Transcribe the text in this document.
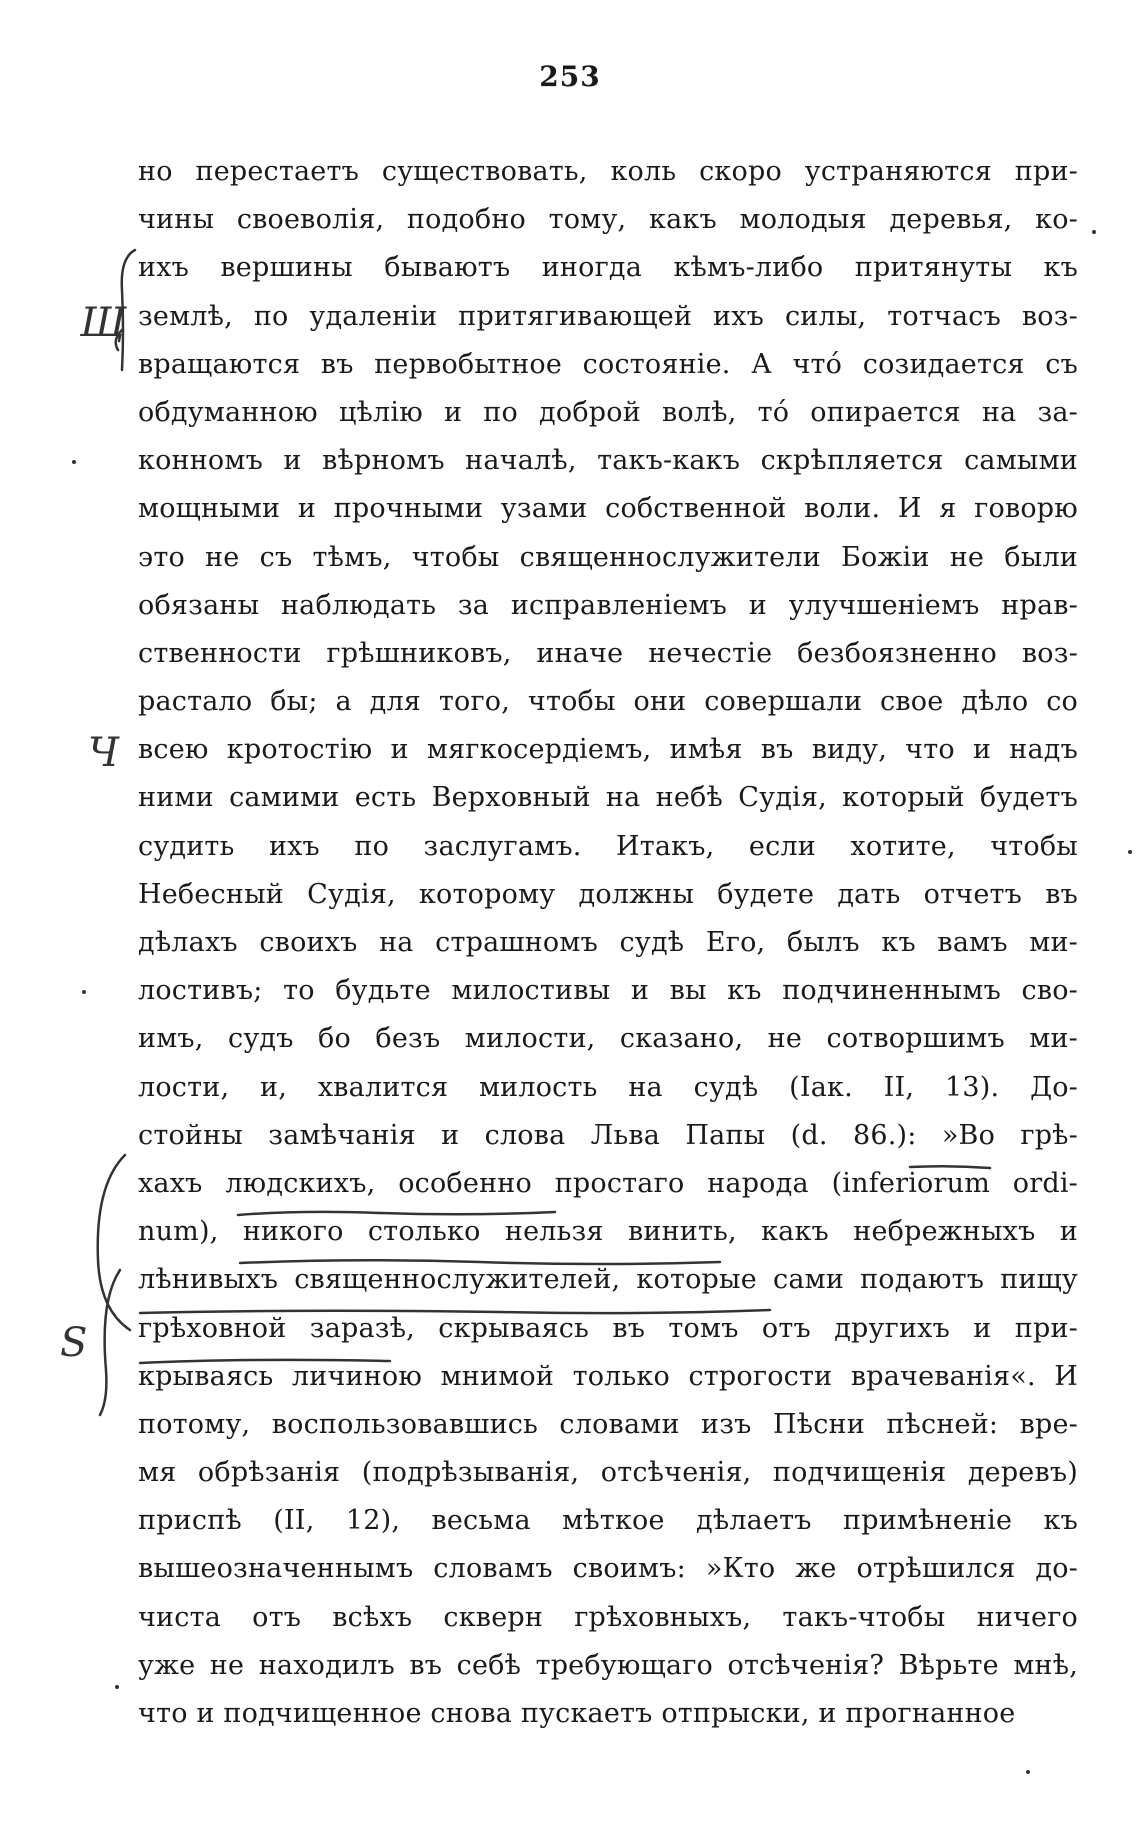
253
но перестаетъ существовать, коль скоро устраняются при-
чины своеволія, подобно тому, какъ молодыя деревья, ко-
ихъ вершины бываютъ иногда кѣмъ-либо притянуты къ
землѣ, по удаленіи притягивающей ихъ силы, тотчасъ воз-
вращаются въ первобытное состояніе. А что́ созидается съ
обдуманною цѣлію и по доброй волѣ, то́ опирается на за-
конномъ и вѣрномъ началѣ, такъ-какъ скрѣпляется самыми
мощными и прочными узами собственной воли. И я говорю
это не съ тѣмъ, чтобы священнослужители Божіи не были
обязаны наблюдать за исправленіемъ и улучшеніемъ нрав-
ственности грѣшниковъ, иначе нечестіе безбоязненно воз-
растало бы; а для того, чтобы они совершали свое дѣло со
всею кротостію и мягкосердіемъ, имѣя въ виду, что и надъ
ними самими есть Верховный на небѣ Судія, который будетъ
судить ихъ по заслугамъ. Итакъ, если хотите, чтобы
Небесный Судія, которому должны будете дать отчетъ въ
дѣлахъ своихъ на страшномъ судѣ Его, былъ къ вамъ ми-
лостивъ; то будьте милостивы и вы къ подчиненнымъ сво-
имъ, судъ бо безъ милости, сказано, не сотворшимъ ми-
лости, и, хвалится милость на судѣ (Іак. II, 13). До-
стойны замѣчанія и слова Льва Папы (d. 86.): »Во грѣ-
хахъ людскихъ, особенно простаго народа (inferiorum ordi-
num), никого столько нельзя винить, какъ небрежныхъ и
лѣнивыхъ священнослужителей, которые сами подаютъ пищу
грѣховной заразѣ, скрываясь въ томъ отъ другихъ и при-
крываясь личиною мнимой только строгости врачеванія«. И
потому, воспользовавшись словами изъ Пѣсни пѣсней: вре-
мя обрѣзанія (подрѣзыванія, отсѣченія, подчищенія деревъ)
приспѣ (II, 12), весьма мѣткое дѣлаетъ примѣненіе къ
вышеозначеннымъ словамъ своимъ: »Кто же отрѣшился до-
чиста отъ всѣхъ скверн грѣховныхъ, такъ-чтобы ничего
уже не находилъ въ себѣ требующаго отсѣченія? Вѣрьте мнѣ,
что и подчищенное снова пускаетъ отпрыски, и прогнанное
Щ
Ч
S
